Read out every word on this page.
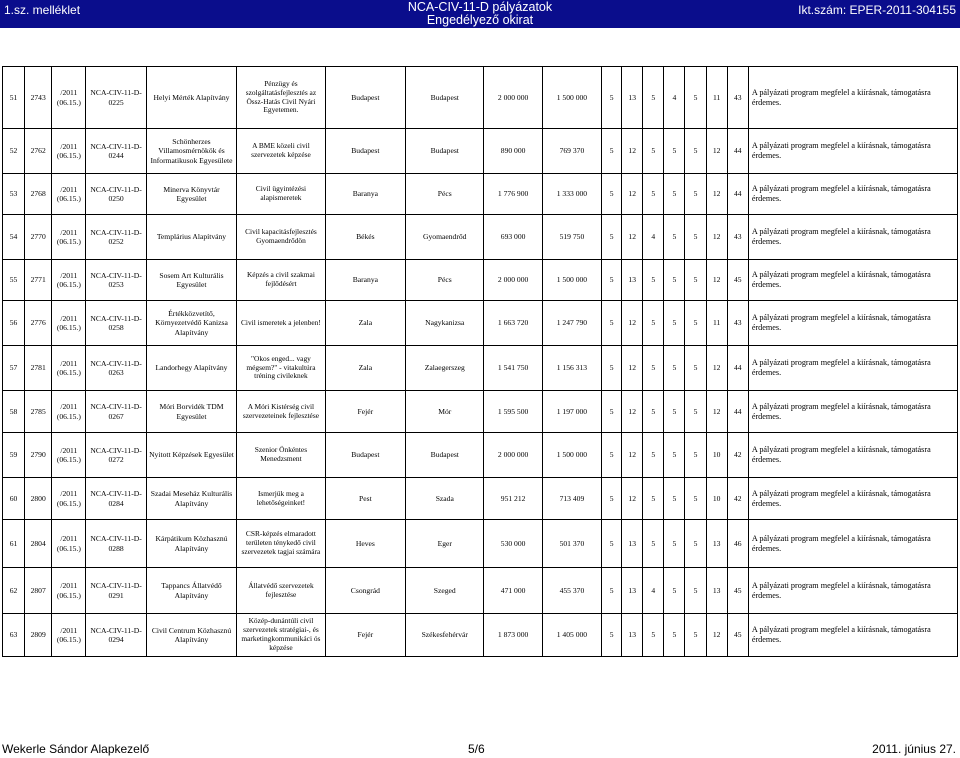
1.sz. melléklet	NCA-CIV-11-D pályázatok
Engedélyező okirat
Ikt.szám: EPER-2011-304155
51	2743	/2011 (06.15.)	NCA-CIV-11-D-0225	Helyi Mérték Alapítvány	Pénzügy és szolgáltatásfejlesztés az Össz-Hatás Civil Nyári Egyetemen.	Budapest	Budapest	2 000 000	1 500 000	5	13	5	4	5	11	43	A pályázati program megfelel a kiírásnak, támogatásra érdemes.
52	2762	/2011 (06.15.)	NCA-CIV-11-D-0244	Schönherzes Villamosmérnökök és Informatikusok Egyesülete	A BME közeli civil szervezetek képzése	Budapest	Budapest	890 000	769 370	5	12	5	5	5	12	44	A pályázati program megfelel a kiírásnak, támogatásra érdemes.
53	2768	/2011 (06.15.)	NCA-CIV-11-D-0250	Minerva Könyvtár Egyesület	Civil ügyintézési alapismeretek	Baranya	Pécs	1 776 900	1 333 000	5	12	5	5	5	12	44	A pályázati program megfelel a kiírásnak, támogatásra érdemes.
54	2770	/2011 (06.15.)	NCA-CIV-11-D-0252	Templárius Alapítvány	Civil kapacitásfejlesztés Gyomaendrődön	Békés	Gyomaendrőd	693 000	519 750	5	12	4	5	5	12	43	A pályázati program megfelel a kiírásnak, támogatásra érdemes.
55	2771	/2011 (06.15.)	NCA-CIV-11-D-0253	Sosem Art Kulturális Egyesület	Képzés a civil szakmai fejlődésért	Baranya	Pécs	2 000 000	1 500 000	5	13	5	5	5	12	45	A pályázati program megfelel a kiírásnak, támogatásra érdemes.
56	2776	/2011 (06.15.)	NCA-CIV-11-D-0258	Értékközvetítő, Környezetvédő Kanizsa Alapítvány	Civil ismeretek a jelenben!	Zala	Nagykanizsa	1 663 720	1 247 790	5	12	5	5	5	11	43	A pályázati program megfelel a kiírásnak, támogatásra érdemes.
57	2781	/2011 (06.15.)	NCA-CIV-11-D-0263	Landorhegy Alapítvány	"Okos enged... vagy mégsem?" - vitakultúra tréning civileknek	Zala	Zalaegerszeg	1 541 750	1 156 313	5	12	5	5	5	12	44	A pályázati program megfelel a kiírásnak, támogatásra érdemes.
58	2785	/2011 (06.15.)	NCA-CIV-11-D-0267	Móri Borvidék TDM Egyesület	A Móri Kistérség civil szervezeteinek fejlesztése	Fejér	Mór	1 595 500	1 197 000	5	12	5	5	5	12	44	A pályázati program megfelel a kiírásnak, támogatásra érdemes.
59	2790	/2011 (06.15.)	NCA-CIV-11-D-0272	Nyitott Képzések Egyesület	Szenior Önkéntes Menedzsment	Budapest	Budapest	2 000 000	1 500 000	5	12	5	5	5	10	42	A pályázati program megfelel a kiírásnak, támogatásra érdemes.
60	2800	/2011 (06.15.)	NCA-CIV-11-D-0284	Szadai Meseház Kulturális Alapítvány	Ismerjük meg a lehetőségeinket!	Pest	Szada	951 212	713 409	5	12	5	5	5	10	42	A pályázati program megfelel a kiírásnak, támogatásra érdemes.
61	2804	/2011 (06.15.)	NCA-CIV-11-D-0288	Kárpátikum Közhasznú Alapítvány	CSR-képzés elmaradott területen ténykedő civil szervezetek tagjai számára	Heves	Eger	530 000	501 370	5	13	5	5	5	13	46	A pályázati program megfelel a kiírásnak, támogatásra érdemes.
62	2807	/2011 (06.15.)	NCA-CIV-11-D-0291	Tappancs Állatvédő Alapítvány	Állatvédő szervezetek fejlesztése	Csongrád	Szeged	471 000	455 370	5	13	4	5	5	13	45	A pályázati program megfelel a kiírásnak, támogatásra érdemes.
63	2809	/2011 (06.15.)	NCA-CIV-11-D-0294	Civil Centrum Közhasznú Alapítvány	Közép-dunántúli civil szervezetek stratégiai-, és marketingkommunikáci ós képzése	Fejér	Székesfehérvár	1 873 000	1 405 000	5	13	5	5	5	12	45	A pályázati program megfelel a kiírásnak, támogatásra érdemes.
Wekerle Sándor Alapkezelő	5/6	2011. június 27.
